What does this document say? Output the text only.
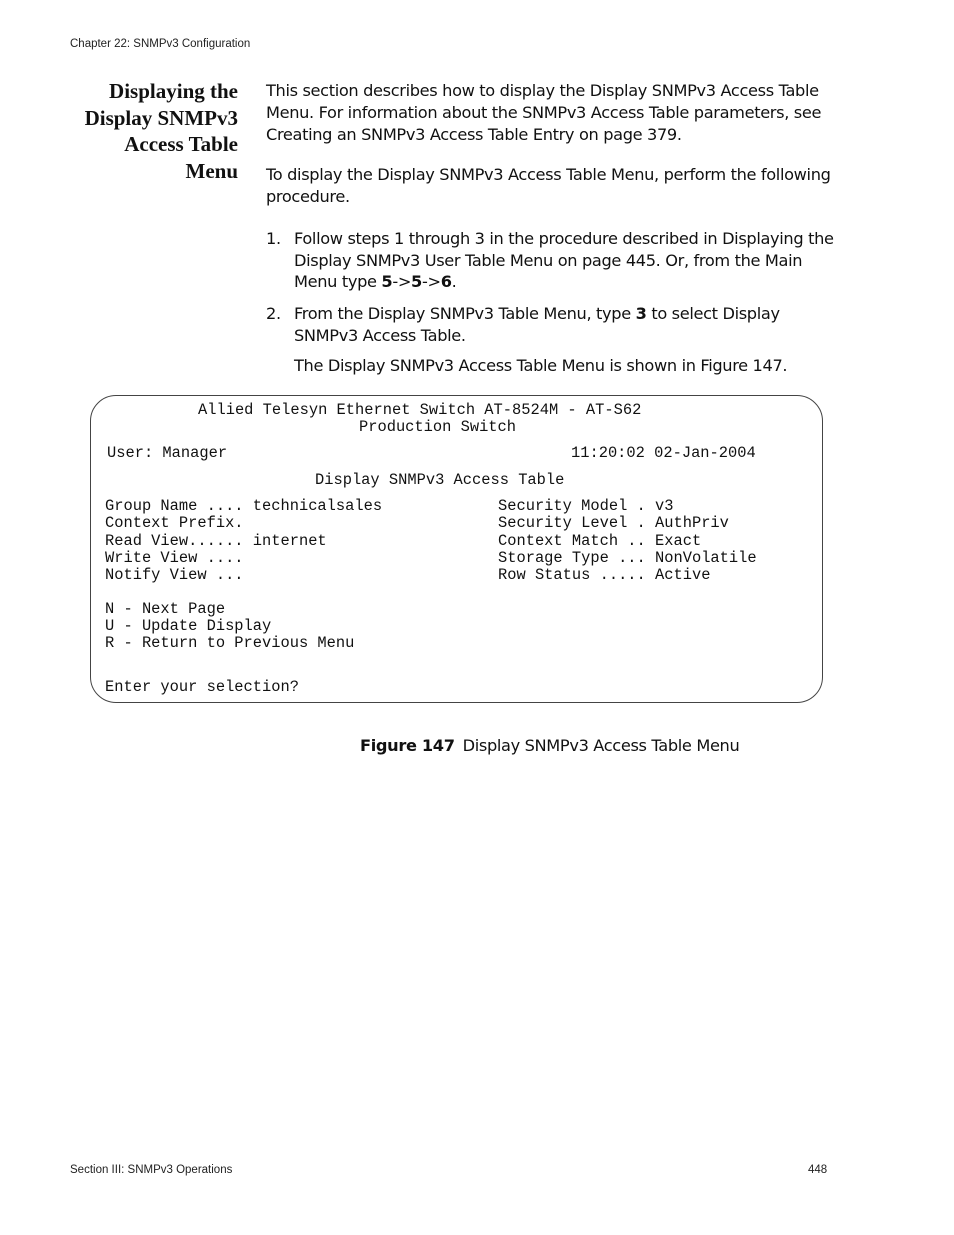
Chapter 22: SNMPv3 Configuration
Displaying the
Display SNMPv3
Access Table
Menu
This section describes how to display the Display SNMPv3 Access Table Menu. For information about the SNMPv3 Access Table parameters, see Creating an SNMPv3 Access Table Entry on page 379.
To display the Display SNMPv3 Access Table Menu, perform the following procedure.
1. Follow steps 1 through 3 in the procedure described in Displaying the Display SNMPv3 User Table Menu on page 445. Or, from the Main Menu type 5->5->6.
2. From the Display SNMPv3 Table Menu, type 3 to select Display SNMPv3 Access Table.
The Display SNMPv3 Access Table Menu is shown in Figure 147.
Allied Telesyn Ethernet Switch AT-8524M - AT-S62
Production Switch
User: Manager	11:20:02 02-Jan-2004
Display SNMPv3 Access Table
Group Name .... technicalsales
Context Prefix.
Read View...... internet
Write View ....
Notify View ...
Security Model . v3
Security Level . AuthPriv
Context Match .. Exact
Storage Type ... NonVolatile
Row Status ..... Active
N - Next Page
U - Update Display
R - Return to Previous Menu
Enter your selection?
Figure 147 Display SNMPv3 Access Table Menu
Section III: SNMPv3 Operations	448
